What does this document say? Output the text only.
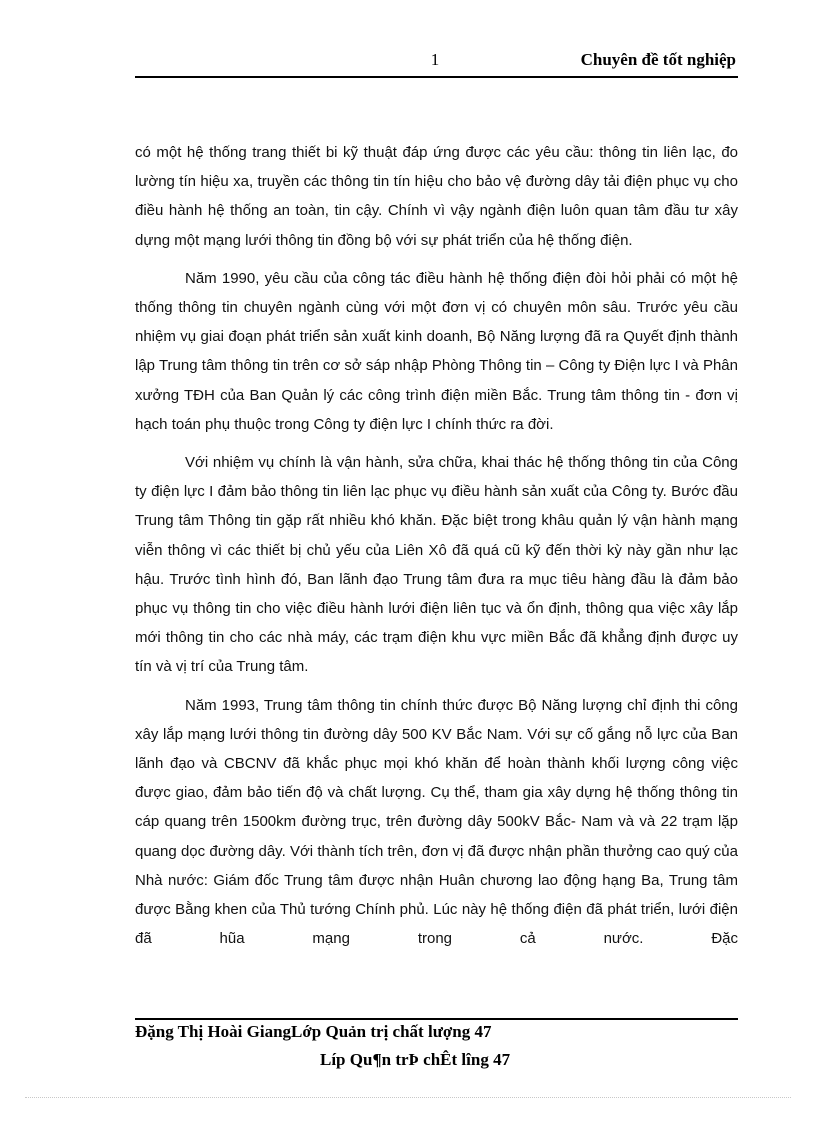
1	Chuyên đề tốt nghiệp

có một hệ thống trang thiết bi kỹ thuật đáp ứng được các yêu cầu: thông tin liên lạc, đo lường tín hiệu xa, truyền các thông tin tín hiệu cho bảo vệ đường dây tải điện phục vụ cho điều hành hệ thống an toàn, tin cậy. Chính vì vậy ngành điện luôn quan tâm đầu tư xây dựng một mạng lưới thông tin đồng bộ với sự phát triển của hệ thống điện.

Năm 1990, yêu cầu của công tác điều hành hệ thống điện đòi hỏi phải có một hệ thống thông tin chuyên ngành cùng với một đơn vị có chuyên môn sâu. Trước yêu cầu nhiệm vụ giai đoạn phát triển sản xuất kinh doanh, Bộ Năng lượng đã ra Quyết định thành lập Trung tâm thông tin trên cơ sở sáp nhập Phòng Thông tin – Công ty Điện lực I và Phân xưởng TĐH của Ban Quản lý các công trình điện miền Bắc. Trung tâm thông tin - đơn vị hạch toán phụ thuộc trong Công ty điện lực I chính thức ra đời.

Với nhiệm vụ chính là vận hành, sửa chữa, khai thác hệ thống thông tin của Công ty điện lực I đảm bảo thông tin liên lạc phục vụ điều hành sản xuất của Công ty. Bước đầu Trung tâm Thông tin gặp rất nhiều khó khăn. Đặc biệt trong khâu quản lý vận hành mạng viễn thông vì các thiết bị chủ yếu của Liên Xô đã quá cũ kỹ đến thời kỳ này gần như lạc hậu. Trước tình hình đó, Ban lãnh đạo Trung tâm đưa ra mục tiêu hàng đầu là đảm bảo phục vụ thông tin cho việc điều hành lưới điện liên tục và ổn định, thông qua việc xây lắp mới thông tin cho các nhà máy, các trạm điện khu vực miền Bắc đã khẳng định được uy tín và vị trí của Trung tâm.

Năm 1993, Trung tâm thông tin chính thức được Bộ Năng lượng chỉ định thi công xây lắp mạng lưới thông tin đường dây 500 KV Bắc Nam. Với sự cố gắng nỗ lực của Ban lãnh đạo và CBCNV đã khắc phục mọi khó khăn để hoàn thành khối lượng công việc được giao, đảm bảo tiến độ và chất lượng. Cụ thể, tham gia xây dựng hệ thống thông tin cáp quang trên 1500km đường trục, trên đường dây 500kV Bắc- Nam và và 22 trạm lặp quang dọc đường dây. Với thành tích trên, đơn vị đã được nhận phần thưởng cao quý của Nhà nước: Giám đốc Trung tâm được nhận Huân chương lao động hạng Ba, Trung tâm được Bằng khen của Thủ tướng Chính phủ. Lúc này hệ thống điện đã phát triển, lưới điện đã hũa mạng trong cả nước. Đặc

Đặng Thị Hoài GiangLớp Quản trị chất lượng 47
Líp Qu¶n trÞ chÊt lîng 47
